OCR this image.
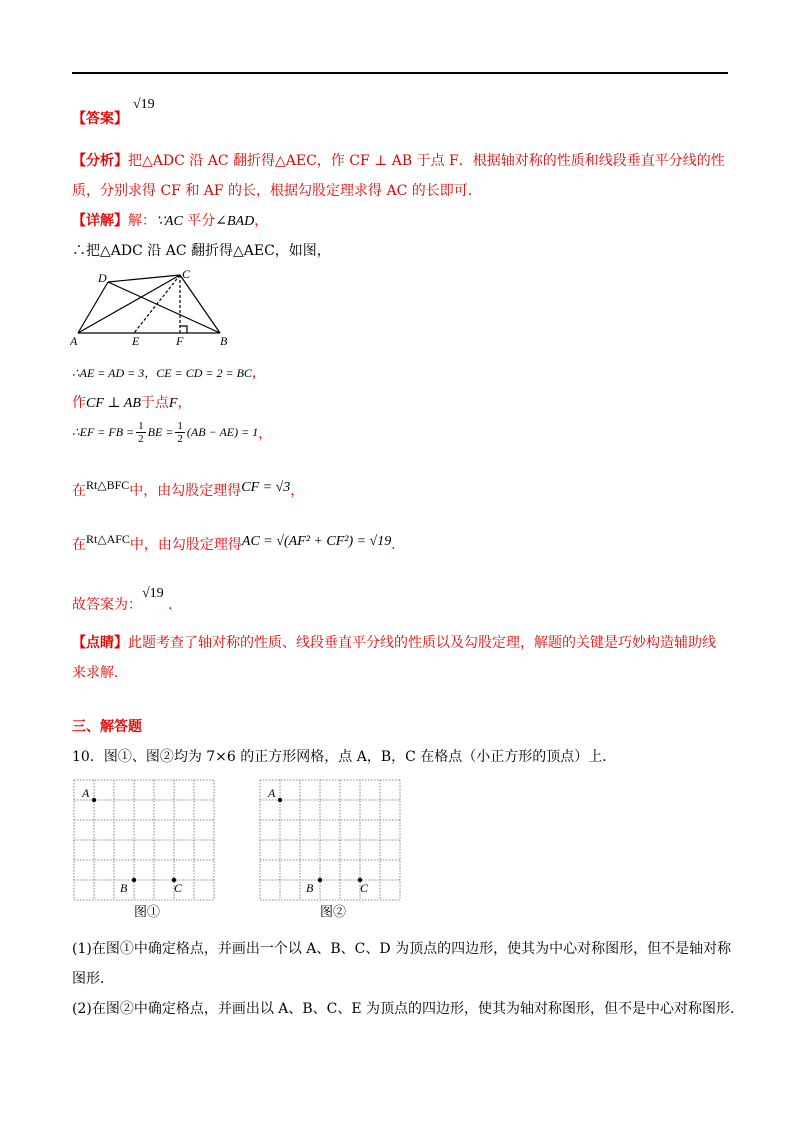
【答案】
√19
【分析】把△ADC 沿 AC 翻折得△AEC，作 CF ⊥ AB 于点 F．根据轴对称的性质和线段垂直平分线的性
质，分别求得 CF 和 AF 的长，根据勾股定理求得 AC 的长即可.
【详解】解：∵AC 平分∠BAD，
∴把△ADC 沿 AC 翻折得△AEC，如图，
A	B
C
D
E	F
∴AE = AD = 3，CE = CD = 2 = BC，
作CF ⊥ AB于点F，
∴EF = FB = $\frac{1}{2}$ BE = $\frac{1}{2} (AB - AE) = 1$ ，
在Rt△BFC中，由勾股定理得CF = √3，
在Rt△AFC中，由勾股定理得AC = √(AF² + CF²) = √19．
故答案为：√19 .
【点睛】此题考查了轴对称的性质、线段垂直平分线的性质以及勾股定理，解题的关键是巧妙构造辅助线
来求解.
三、解答题
10．图①、图②均为 7×6 的正方形网格，点 A，B，C 在格点（小正方形的顶点）上．
A
B	C
图①
A
B	C
图②
(1)在图①中确定格点，并画出一个以 A、B、C、D 为顶点的四边形，使其为中心对称图形，但不是轴对称
图形．
(2)在图②中确定格点，并画出以 A、B、C、E 为顶点的四边形，使其为轴对称图形，但不是中心对称图形．
